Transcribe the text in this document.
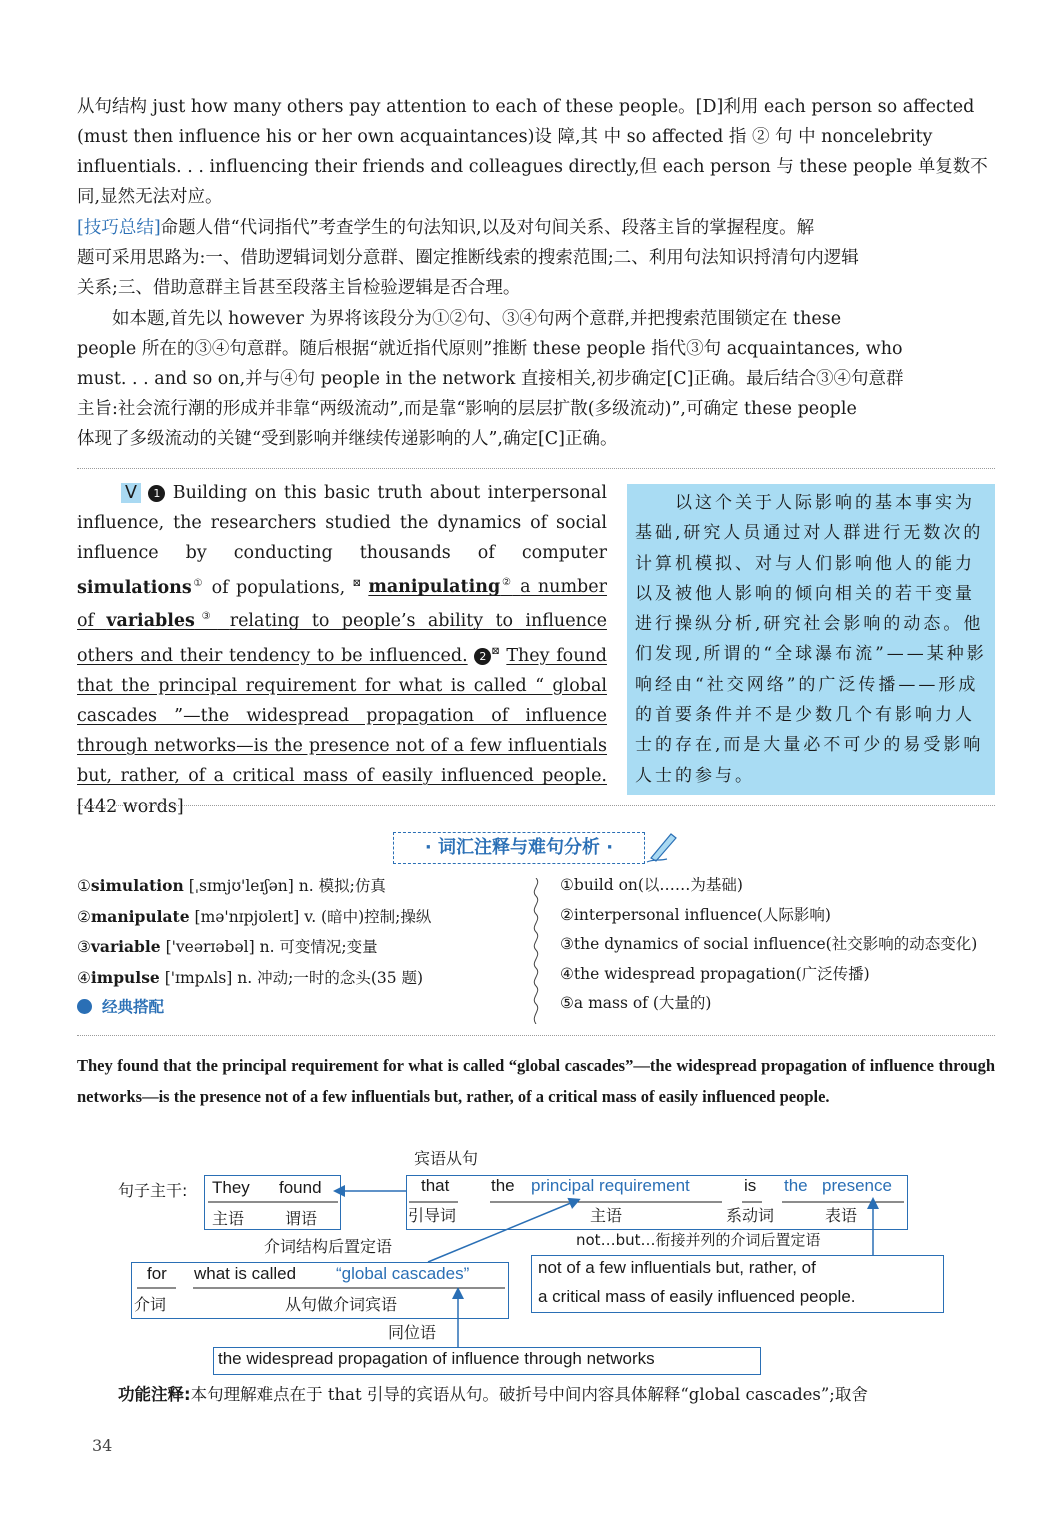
从句结构 just how many others pay attention to each of these people。[D]利用 each person so affected
(must then influence his or her own acquaintances)设 障,其 中 so affected 指 ② 句 中 noncelebrity
influentials. . . influencing their friends and colleagues directly,但 each person 与 these people 单复数不
同,显然无法对应。
[技巧总结]命题人借“代词指代”考查学生的句法知识,以及对句间关系、段落主旨的掌握程度。解
题可采用思路为:一、借助逻辑词划分意群、圈定推断线索的搜索范围;二、利用句法知识捋清句内逻辑
关系;三、借助意群主旨甚至段落主旨检验逻辑是否合理。
如本题,首先以 however 为界将该段分为①②句、③④句两个意群,并把搜索范围锁定在 these
people 所在的③④句意群。随后根据“就近指代原则”推断 these people 指代③句 acquaintances, who
must. . . and so on,并与④句 people in the network 直接相关,初步确定[C]正确。最后结合③④句意群
主旨:社会流行潮的形成并非靠“两级流动”,而是靠“影响的层层扩散(多级流动)”,可确定 these people
体现了多级流动的关键“受到影响并继续传递影响的人”,确定[C]正确。
V 1 Building on this basic truth about interpersonal influence, the researchers studied the dynamics of social influence by conducting thousands of computer simulations① of populations, ⊠ manipulating② a number of variables③ relating to people’s ability to influence others and their tendency to be influenced. 2 ⊠ They found that the principal requirement for what is called “ global cascades ”—the widespread propagation of influence through networks—is the presence not of a few influentials but, rather, of a critical mass of easily influenced people. [442 words]
以这个关于人际影响的基本事实为基础,研究人员通过对人群进行无数次的计算机模拟、对与人们影响他人的能力以及被他人影响的倾向相关的若干变量进行操纵分析,研究社会影响的动态。他们发现,所谓的“全球瀑布流”——某种影响经由“社交网络”的广泛传播——形成的首要条件并不是少数几个有影响力人士的存在,而是大量必不可少的易受影响人士的参与。
· 词汇注释与难句分析 ·
①simulation [ˌsɪmjʊ'leɪʃən] n. 模拟;仿真
②manipulate [mə'nɪpjʊleɪt] v. (暗中)控制;操纵
③variable ['veərɪəbəl] n. 可变情况;变量
④impulse ['ɪmpʌls] n. 冲动;一时的念头(35 题)
经典搭配
①build on(以……为基础)
②interpersonal influence(人际影响)
③the dynamics of social influence(社交影响的动态变化)
④the widespread propagation(广泛传播)
⑤a mass of (大量的)
They found that the principal requirement for what is called “global cascades”—the widespread propagation of influence through networks—is the presence not of a few influentials but, rather, of a critical mass of easily influenced people.
句子主干: They found
主语	谓语
宾语从句
that the principal requirement	is the presence
引导词	主语	系动词	表语
介词结构后置定语	not…but…衔接并列的介词后置定语
for what is called “global cascades”
介词	从句做介词宾语
not of a few influentials but, rather, of
a critical mass of easily influenced people.
同位语
the widespread propagation of influence through networks
功能注释:本句理解难点在于 that 引导的宾语从句。破折号中间内容具体解释“global cascades”;取舍
34
